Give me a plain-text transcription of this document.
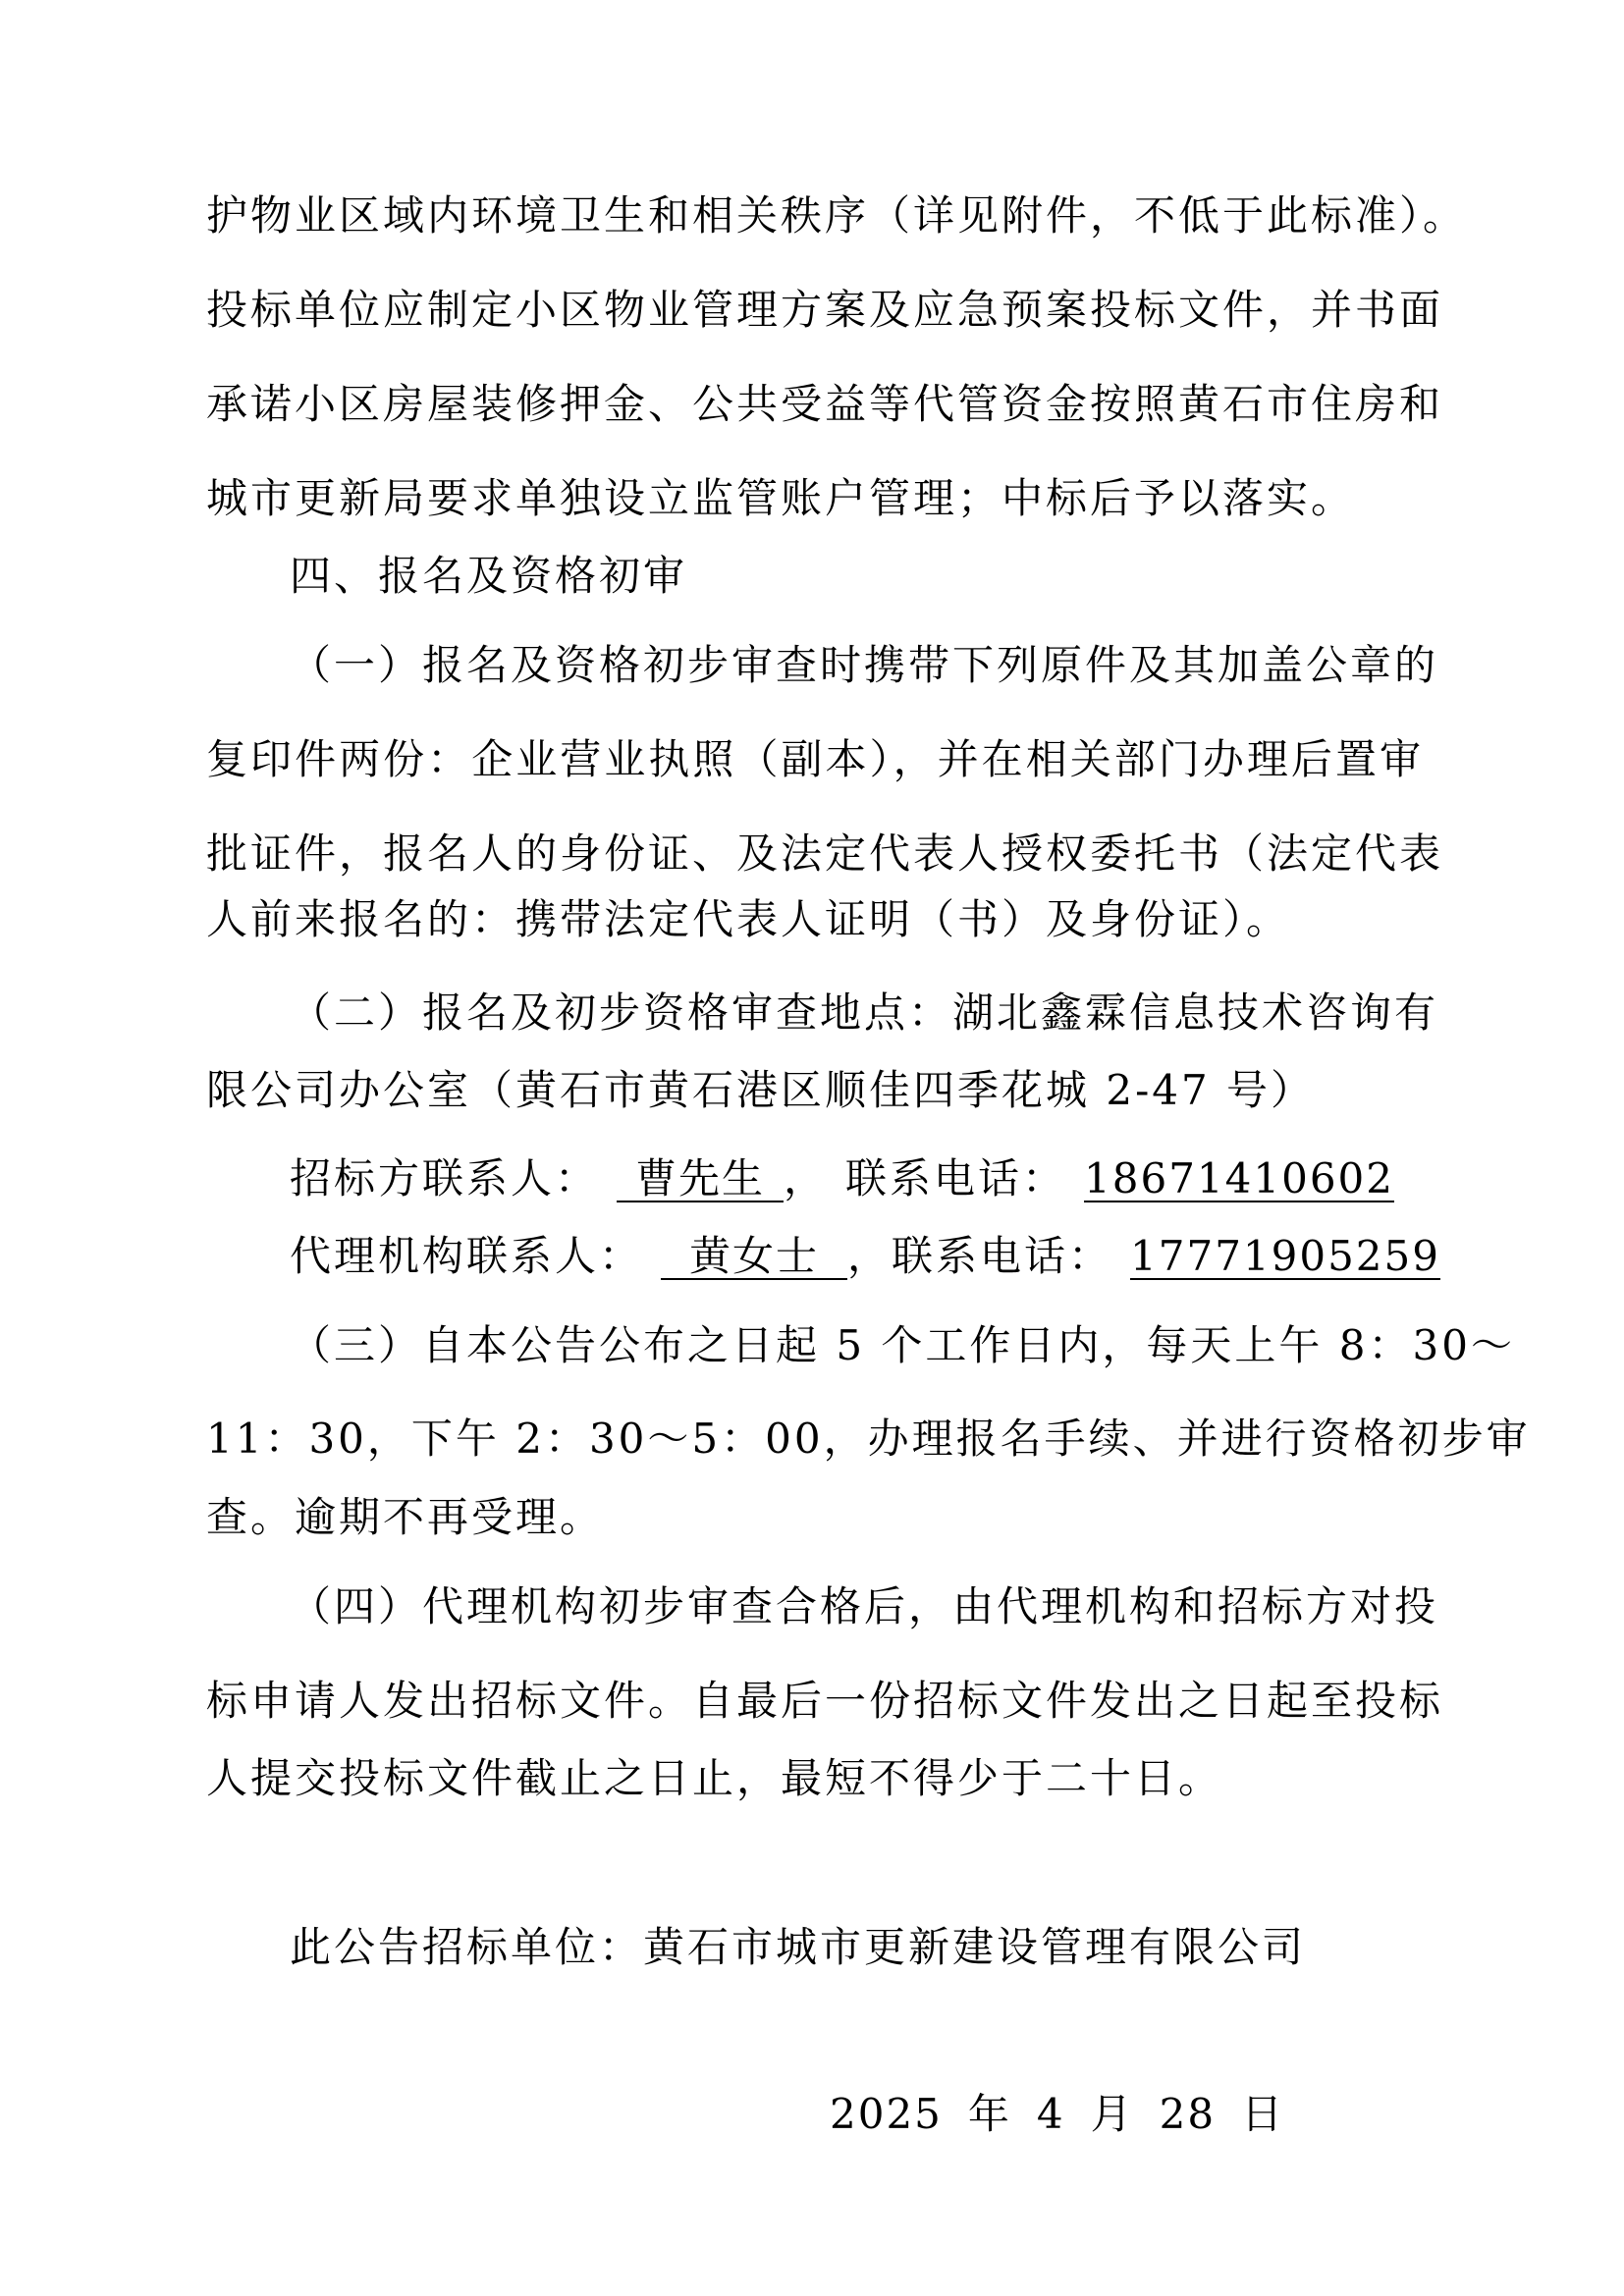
护物业区域内环境卫生和相关秩序（详见附件，不低于此标准）。
投标单位应制定小区物业管理方案及应急预案投标文件，并书面
承诺小区房屋装修押金、公共受益等代管资金按照黄石市住房和
城市更新局要求单独设立监管账户管理；中标后予以落实。
四、报名及资格初审
（一）报名及资格初步审查时携带下列原件及其加盖公章的
复印件两份：企业营业执照（副本），并在相关部门办理后置审
批证件，报名人的身份证、及法定代表人授权委托书（法定代表
人前来报名的：携带法定代表人证明（书）及身份证）。
（二）报名及初步资格审查地点：湖北鑫霖信息技术咨询有
限公司办公室（黄石市黄石港区顺佳四季花城 2-47 号）
招标方联系人： 曹先生 ， 联系电话： 18671410602
代理机构联系人： 黄女士 ，联系电话： 17771905259
（三）自本公告公布之日起 5 个工作日内，每天上午 8：30～
11：30，下午 2：30～5：00，办理报名手续、并进行资格初步审
查。逾期不再受理。
（四）代理机构初步审查合格后，由代理机构和招标方对投
标申请人发出招标文件。自最后一份招标文件发出之日起至投标
人提交投标文件截止之日止，最短不得少于二十日。
此公告招标单位：黄石市城市更新建设管理有限公司
2025 年 4 月 28 日
